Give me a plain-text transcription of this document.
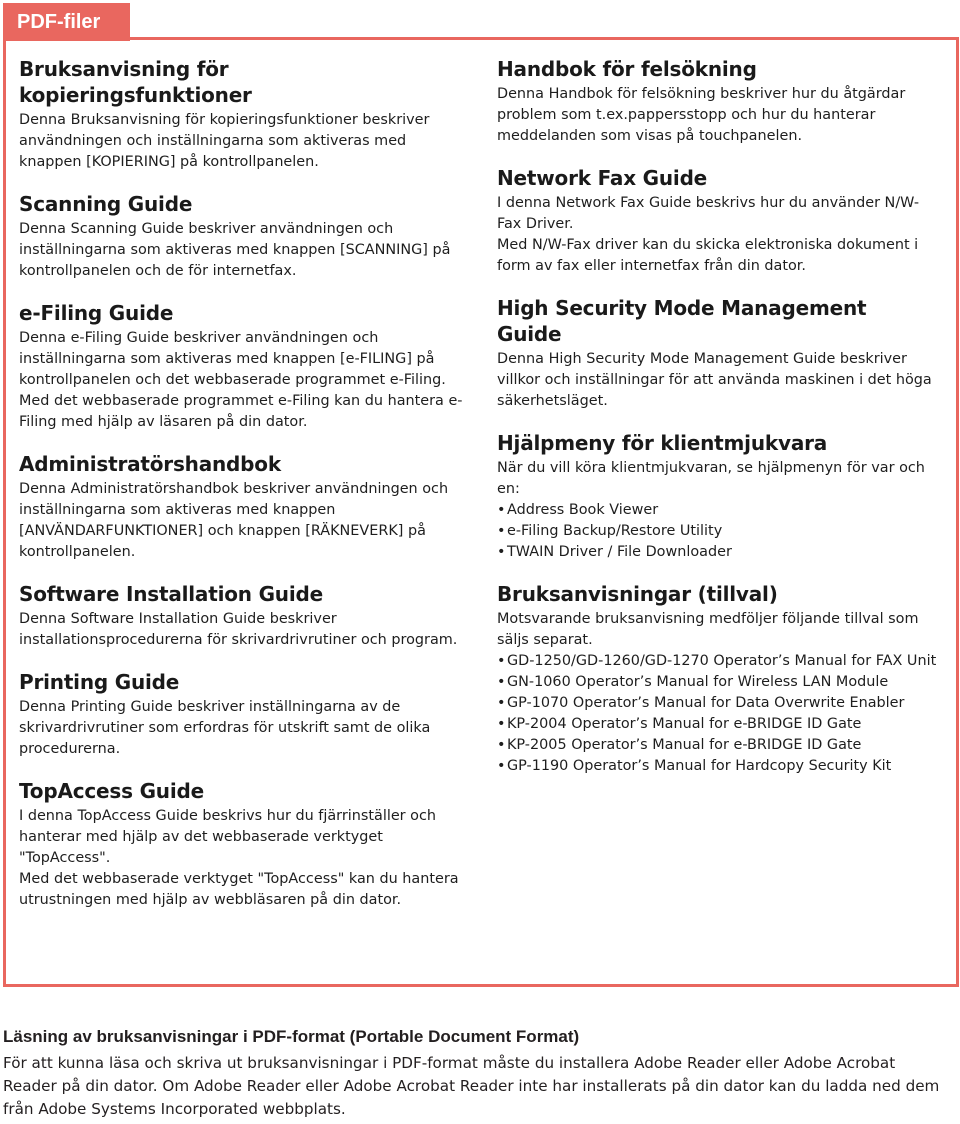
PDF-filer
Bruksanvisning för kopieringsfunktioner

Denna Bruksanvisning för kopieringsfunktioner beskriver användningen och inställningarna som aktiveras med knappen [KOPIERING] på kontrollpanelen.

Scanning Guide

Denna Scanning Guide beskriver användningen och inställningarna som aktiveras med knappen [SCANNING] på kontrollpanelen och de för internetfax.

e-Filing Guide

Denna e-Filing Guide beskriver användningen och inställningarna som aktiveras med knappen [e-FILING] på kontrollpanelen och det webbaserade programmet e-Filing.

Med det webbaserade programmet e-Filing kan du hantera e-Filing med hjälp av läsaren på din dator.

Administratörshandbok

Denna Administratörshandbok beskriver användningen och inställningarna som aktiveras med knappen [ANVÄNDARFUNKTIONER] och knappen [RÄKNEVERK] på kontrollpanelen.

Software Installation Guide

Denna Software Installation Guide beskriver installationsprocedurerna för skrivardrivrutiner och program.

Printing Guide

Denna Printing Guide beskriver inställningarna av de skrivardrivrutiner som erfordras för utskrift samt de olika procedurerna.

TopAccess Guide

I denna TopAccess Guide beskrivs hur du fjärrinställer och hanterar med hjälp av det webbaserade verktyget "TopAccess".

Med det webbaserade verktyget "TopAccess" kan du hantera utrustningen med hjälp av webbläsaren på din dator.

Handbok för felsökning

Denna Handbok för felsökning beskriver hur du åtgärdar problem som t.ex.pappersstopp och hur du hanterar meddelanden som visas på touchpanelen.

Network Fax Guide

I denna Network Fax Guide beskrivs hur du använder N/W-Fax Driver.

Med N/W-Fax driver kan du skicka elektroniska dokument i form av fax eller internetfax från din dator.

High Security Mode Management Guide

Denna High Security Mode Management Guide beskriver villkor och inställningar för att använda maskinen i det höga säkerhetsläget.

Hjälpmeny för klientmjukvara

När du vill köra klientmjukvaran, se hjälpmenyn för var och en:

• Address Book Viewer
• e-Filing Backup/Restore Utility
• TWAIN Driver / File Downloader
Bruksanvisningar (tillval)

Motsvarande bruksanvisning medföljer följande tillval som säljs separat.

• GD-1250/GD-1260/GD-1270 Operator’s Manual for FAX Unit
• GN-1060 Operator’s Manual for Wireless LAN Module
• GP-1070 Operator’s Manual for Data Overwrite Enabler
• KP-2004 Operator’s Manual for e-BRIDGE ID Gate
• KP-2005 Operator’s Manual for e-BRIDGE ID Gate
• GP-1190 Operator’s Manual for Hardcopy Security Kit
Läsning av bruksanvisningar i PDF-format (Portable Document Format)

För att kunna läsa och skriva ut bruksanvisningar i PDF-format måste du installera Adobe Reader eller Adobe Acrobat Reader på din dator. Om Adobe Reader eller Adobe Acrobat Reader inte har installerats på din dator kan du ladda ned dem från Adobe Systems Incorporated webbplats.
